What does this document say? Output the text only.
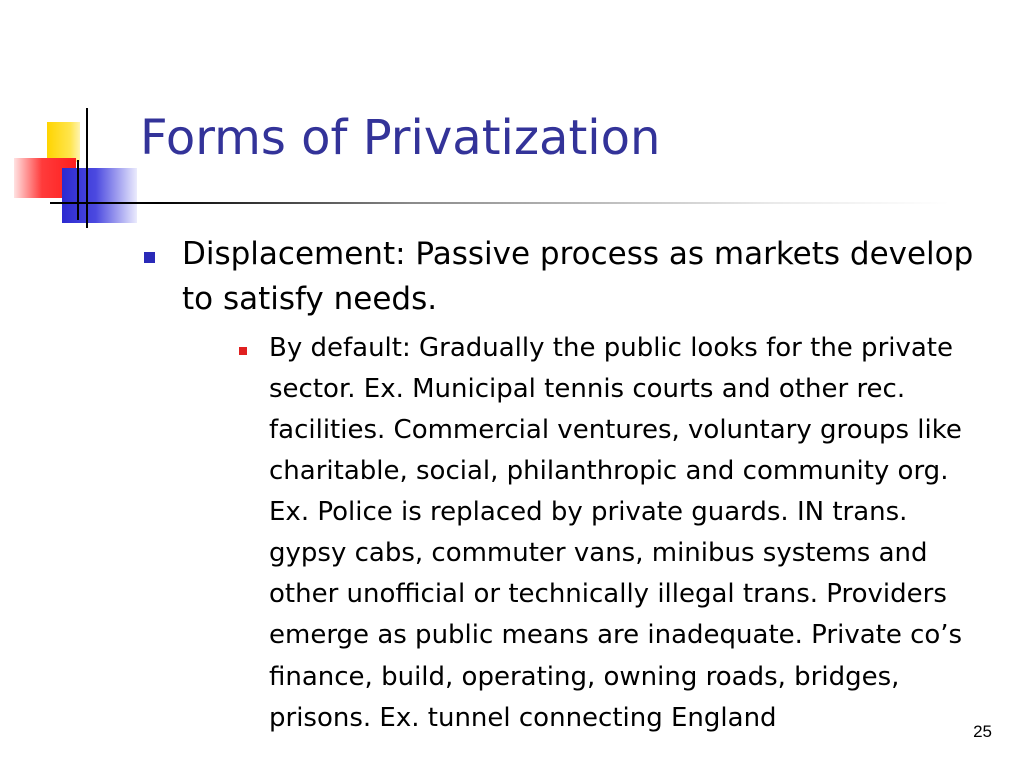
Forms of Privatization
Displacement: Passive process as markets develop to satisfy needs.
By default: Gradually the public looks for the private sector. Ex. Municipal tennis courts and other rec. facilities. Commercial ventures, voluntary groups like charitable, social, philanthropic and community org. Ex. Police is replaced by private guards. IN trans. gypsy cabs, commuter vans, minibus systems and other unofficial or technically illegal trans. Providers emerge as public means are inadequate. Private co’s finance, build, operating, owning roads, bridges, prisons. Ex. tunnel connecting England	25
